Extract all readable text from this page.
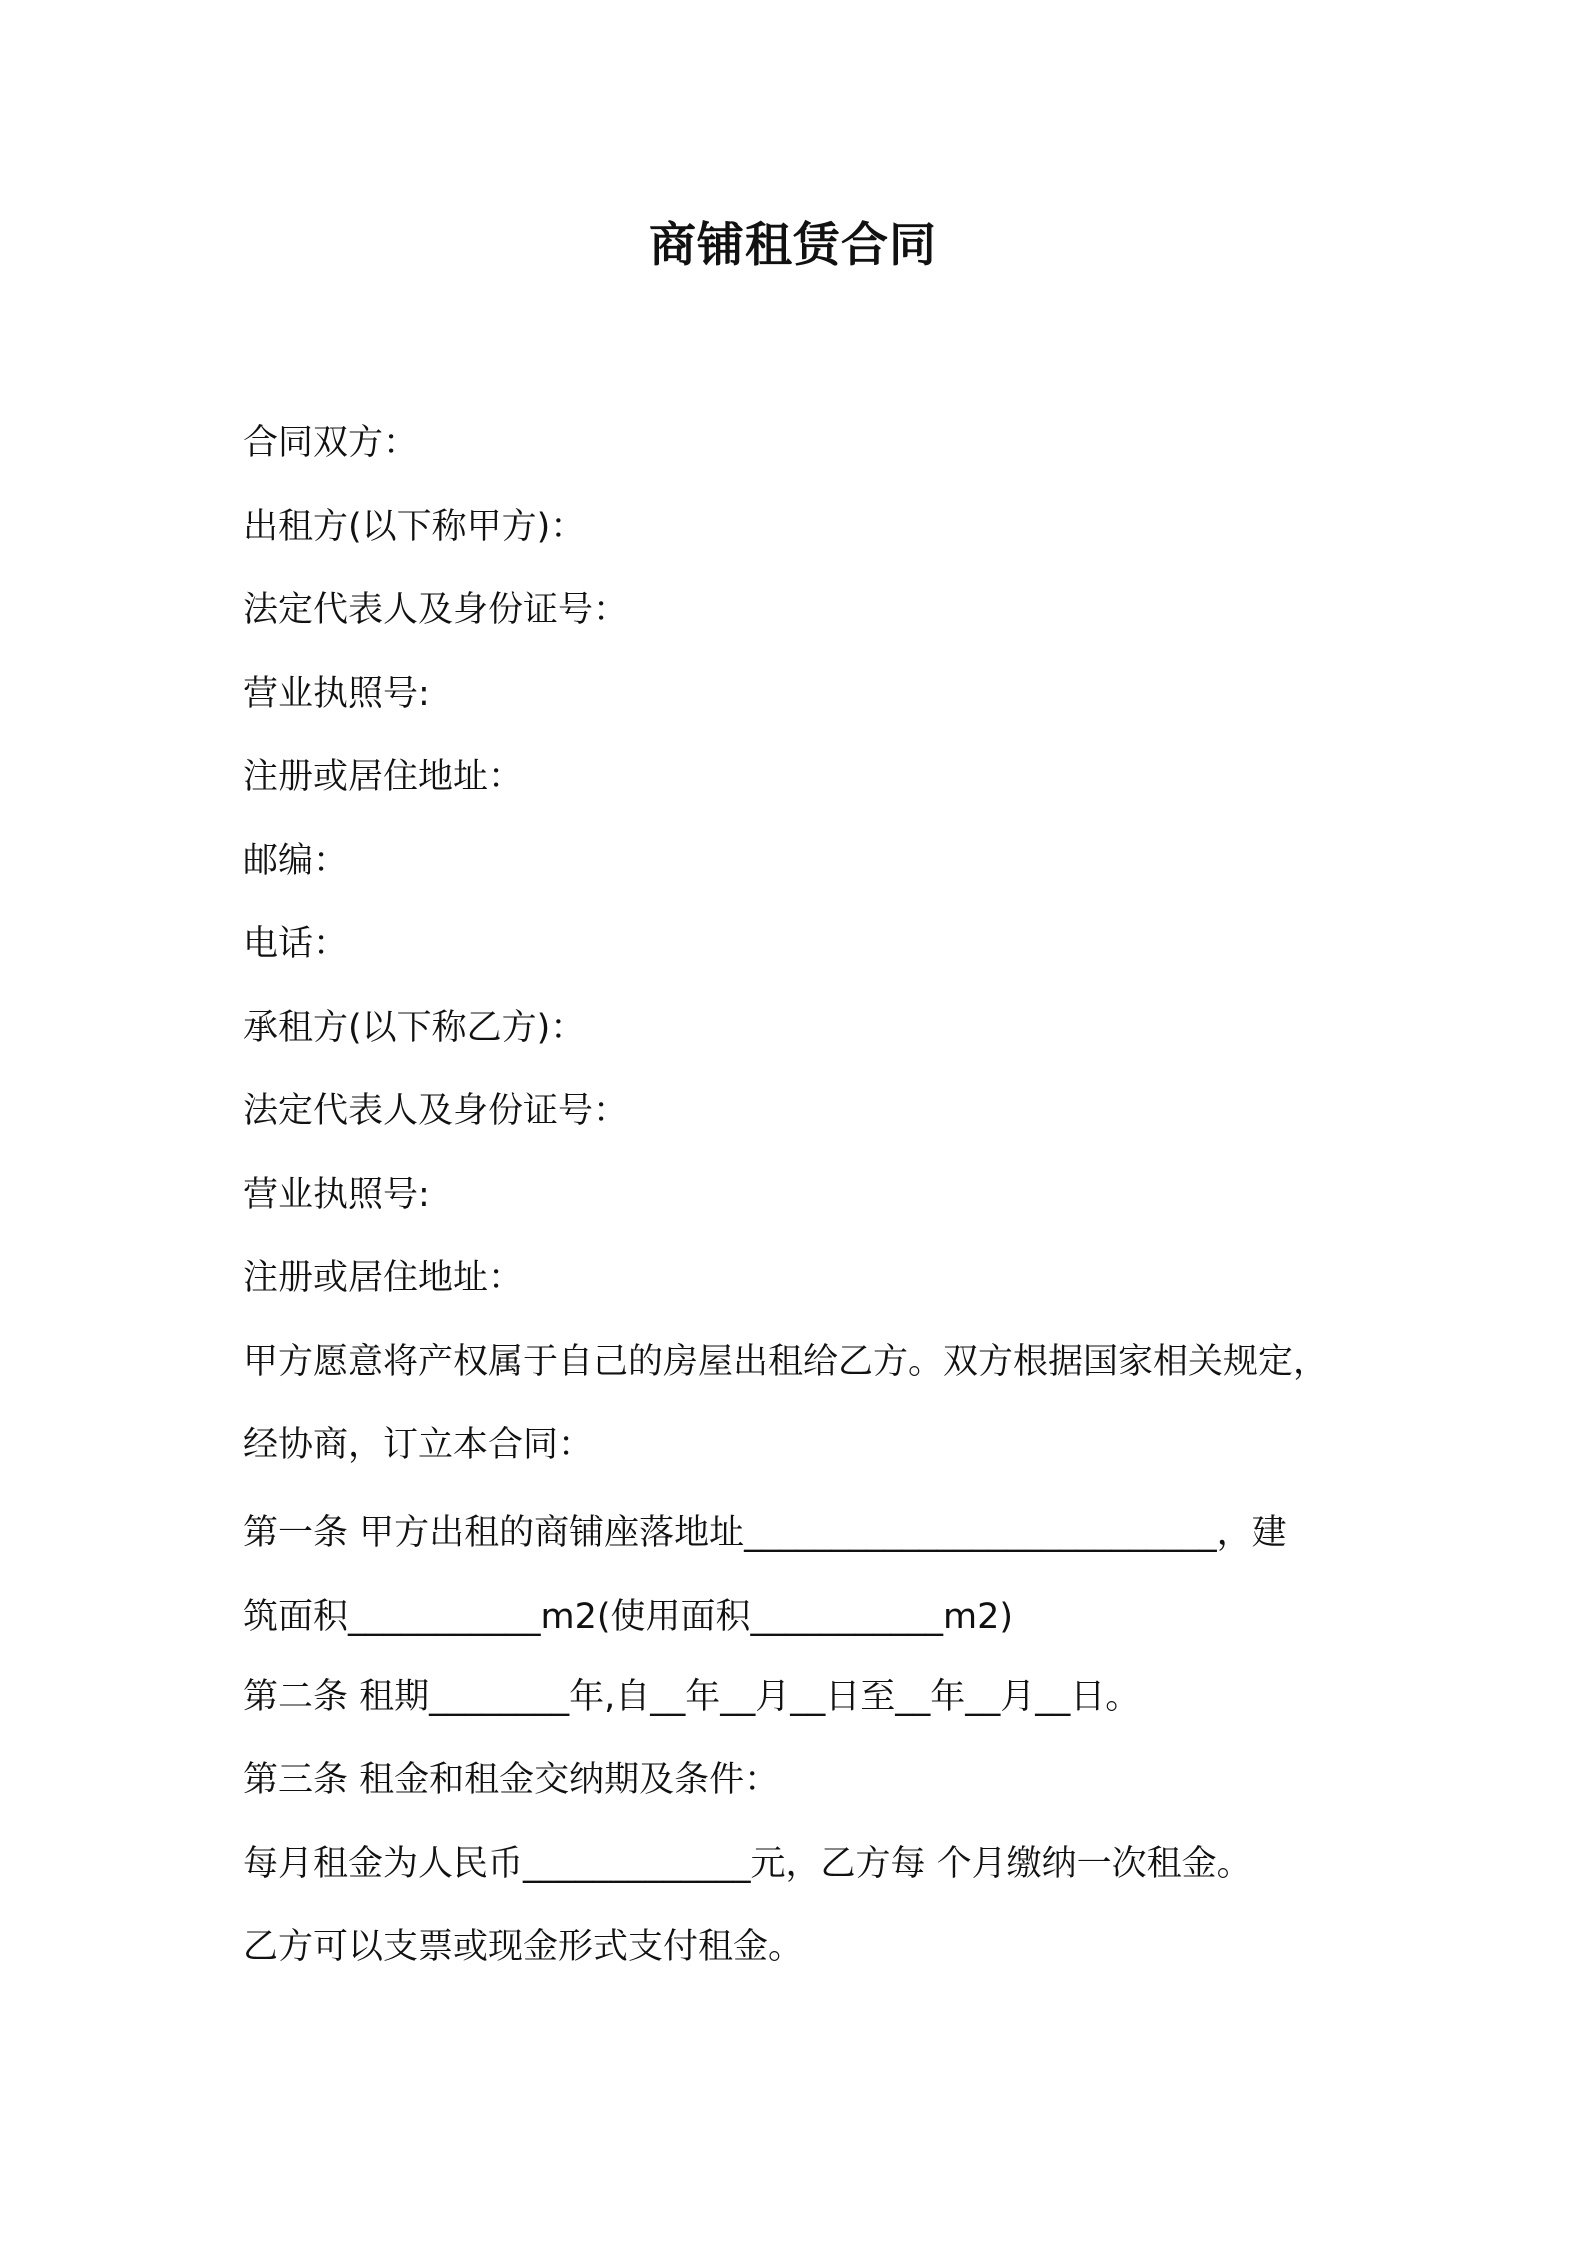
商铺租赁合同
合同双方：
出租方(以下称甲方)：
法定代表人及身份证号：
营业执照号:
注册或居住地址：
邮编：
电话：
承租方(以下称乙方)：
法定代表人及身份证号：
营业执照号:
注册或居住地址：
甲方愿意将产权属于自己的房屋出租给乙方。双方根据国家相关规定，
经协商，订立本合同：
第一条 甲方出租的商铺座落地址___________________________，建
筑面积___________m2(使用面积___________m2)
第二条 租期________年,自__年__月__日至__年__月__日。
第三条 租金和租金交纳期及条件：
每月租金为人民币_____________元，乙方每 个月缴纳一次租金。
乙方可以支票或现金形式支付租金。
